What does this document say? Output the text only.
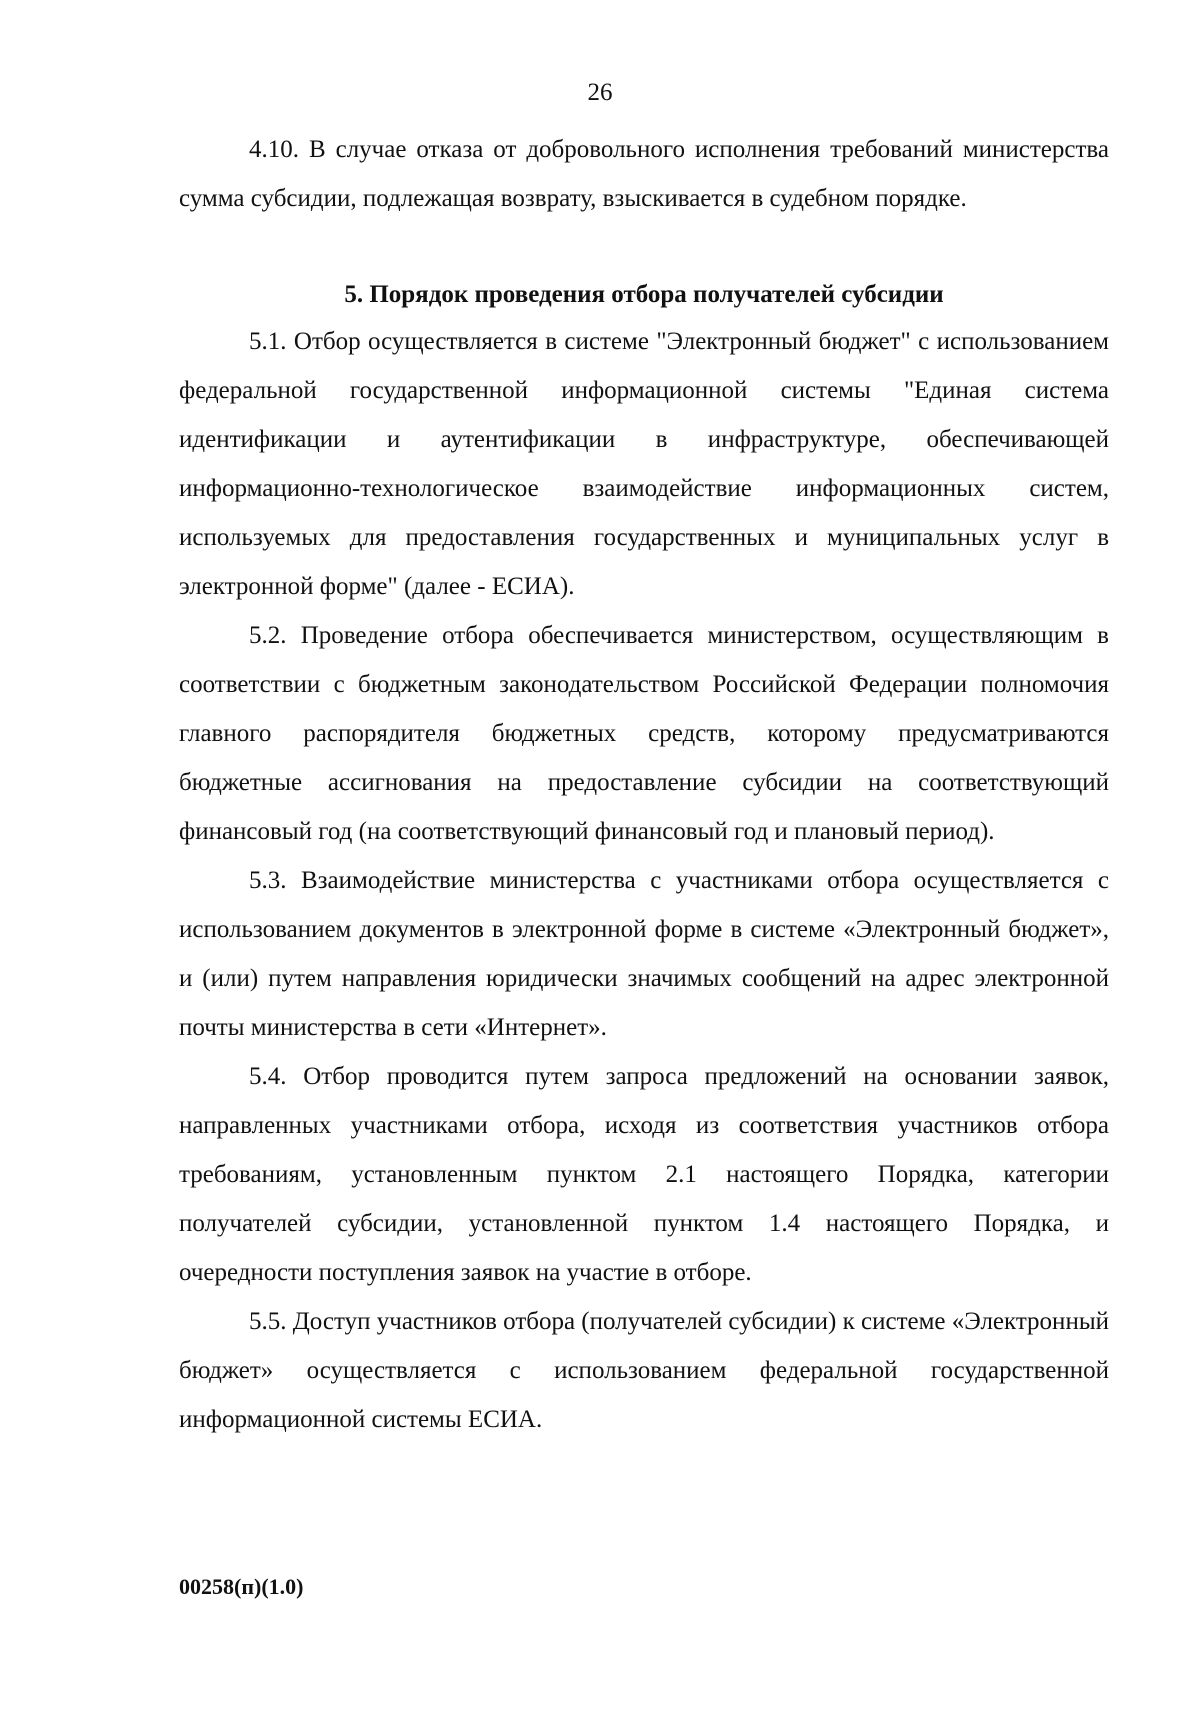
26

4.10. В случае отказа от добровольного исполнения требований министерства сумма субсидии, подлежащая возврату, взыскивается в судебном порядке.

5. Порядок проведения отбора получателей субсидии

5.1. Отбор осуществляется в системе "Электронный бюджет" с использованием федеральной государственной информационной системы "Единая система идентификации и аутентификации в инфраструктуре, обеспечивающей информационно-технологическое взаимодействие информационных систем, используемых для предоставления государственных и муниципальных услуг в электронной форме" (далее - ЕСИА).

5.2. Проведение отбора обеспечивается министерством, осуществляющим в соответствии с бюджетным законодательством Российской Федерации полномочия главного распорядителя бюджетных средств, которому предусматриваются бюджетные ассигнования на предоставление субсидии на соответствующий финансовый год (на соответствующий финансовый год и плановый период).

5.3. Взаимодействие министерства с участниками отбора осуществляется с использованием документов в электронной форме в системе «Электронный бюджет», и (или) путем направления юридически значимых сообщений на адрес электронной почты министерства в сети «Интернет».

5.4. Отбор проводится путем запроса предложений на основании заявок, направленных участниками отбора, исходя из соответствия участников отбора требованиям, установленным пунктом 2.1 настоящего Порядка, категории получателей субсидии, установленной пунктом 1.4 настоящего Порядка, и очередности поступления заявок на участие в отборе.

5.5. Доступ участников отбора (получателей субсидии) к системе «Электронный бюджет» осуществляется с использованием федеральной государственной информационной системы ЕСИА.

00258(п)(1.0)
